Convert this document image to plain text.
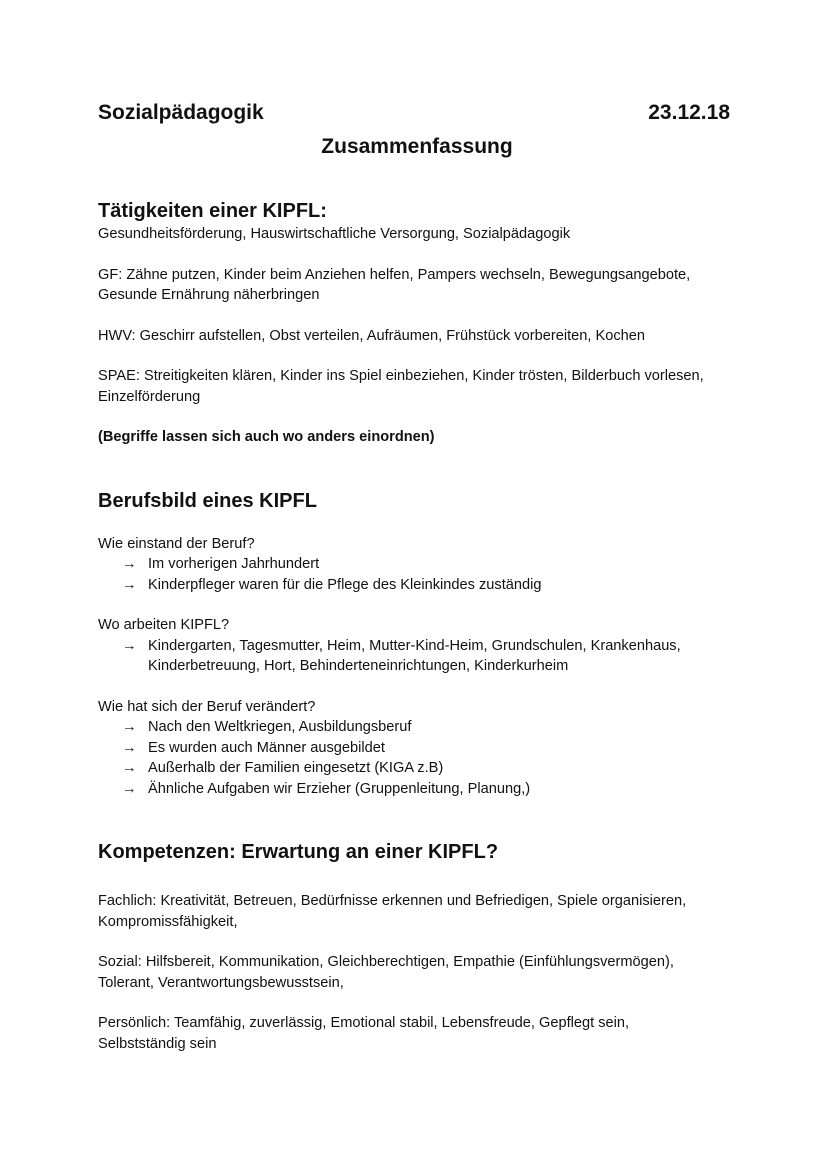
Sozialpädagogik	23.12.18
Zusammenfassung
Tätigkeiten einer KIPFL:

Gesundheitsförderung, Hauswirtschaftliche Versorgung, Sozialpädagogik

GF: Zähne putzen, Kinder beim Anziehen helfen, Pampers wechseln, Bewegungsangebote,

Gesunde Ernährung näherbringen

HWV: Geschirr aufstellen, Obst verteilen, Aufräumen, Frühstück vorbereiten, Kochen

SPAE: Streitigkeiten klären, Kinder ins Spiel einbeziehen, Kinder trösten, Bilderbuch vorlesen,

Einzelförderung

(Begriffe lassen sich auch wo anders einordnen)

Berufsbild eines KIPFL

Wie einstand der Beruf?

→ Im vorherigen Jahrhundert
→ Kinderpfleger waren für die Pflege des Kleinkindes zuständig

Wo arbeiten KIPFL?

→ Kindergarten, Tagesmutter, Heim, Mutter-Kind-Heim, Grundschulen, Krankenhaus,
Kinderbetreuung, Hort, Behinderteneinrichtungen, Kinderkurheim

Wie hat sich der Beruf verändert?

→ Nach den Weltkriegen, Ausbildungsberuf
→ Es wurden auch Männer ausgebildet
→ Außerhalb der Familien eingesetzt (KIGA z.B)
→ Ähnliche Aufgaben wir Erzieher (Gruppenleitung, Planung,)
Kompetenzen: Erwartung an einer KIPFL?

Fachlich: Kreativität, Betreuen, Bedürfnisse erkennen und Befriedigen, Spiele organisieren,

Kompromissfähigkeit,

Sozial: Hilfsbereit, Kommunikation, Gleichberechtigen, Empathie (Einfühlungsvermögen),

Tolerant, Verantwortungsbewusstsein,

Persönlich: Teamfähig, zuverlässig, Emotional stabil, Lebensfreude, Gepflegt sein,

Selbstständig sein
